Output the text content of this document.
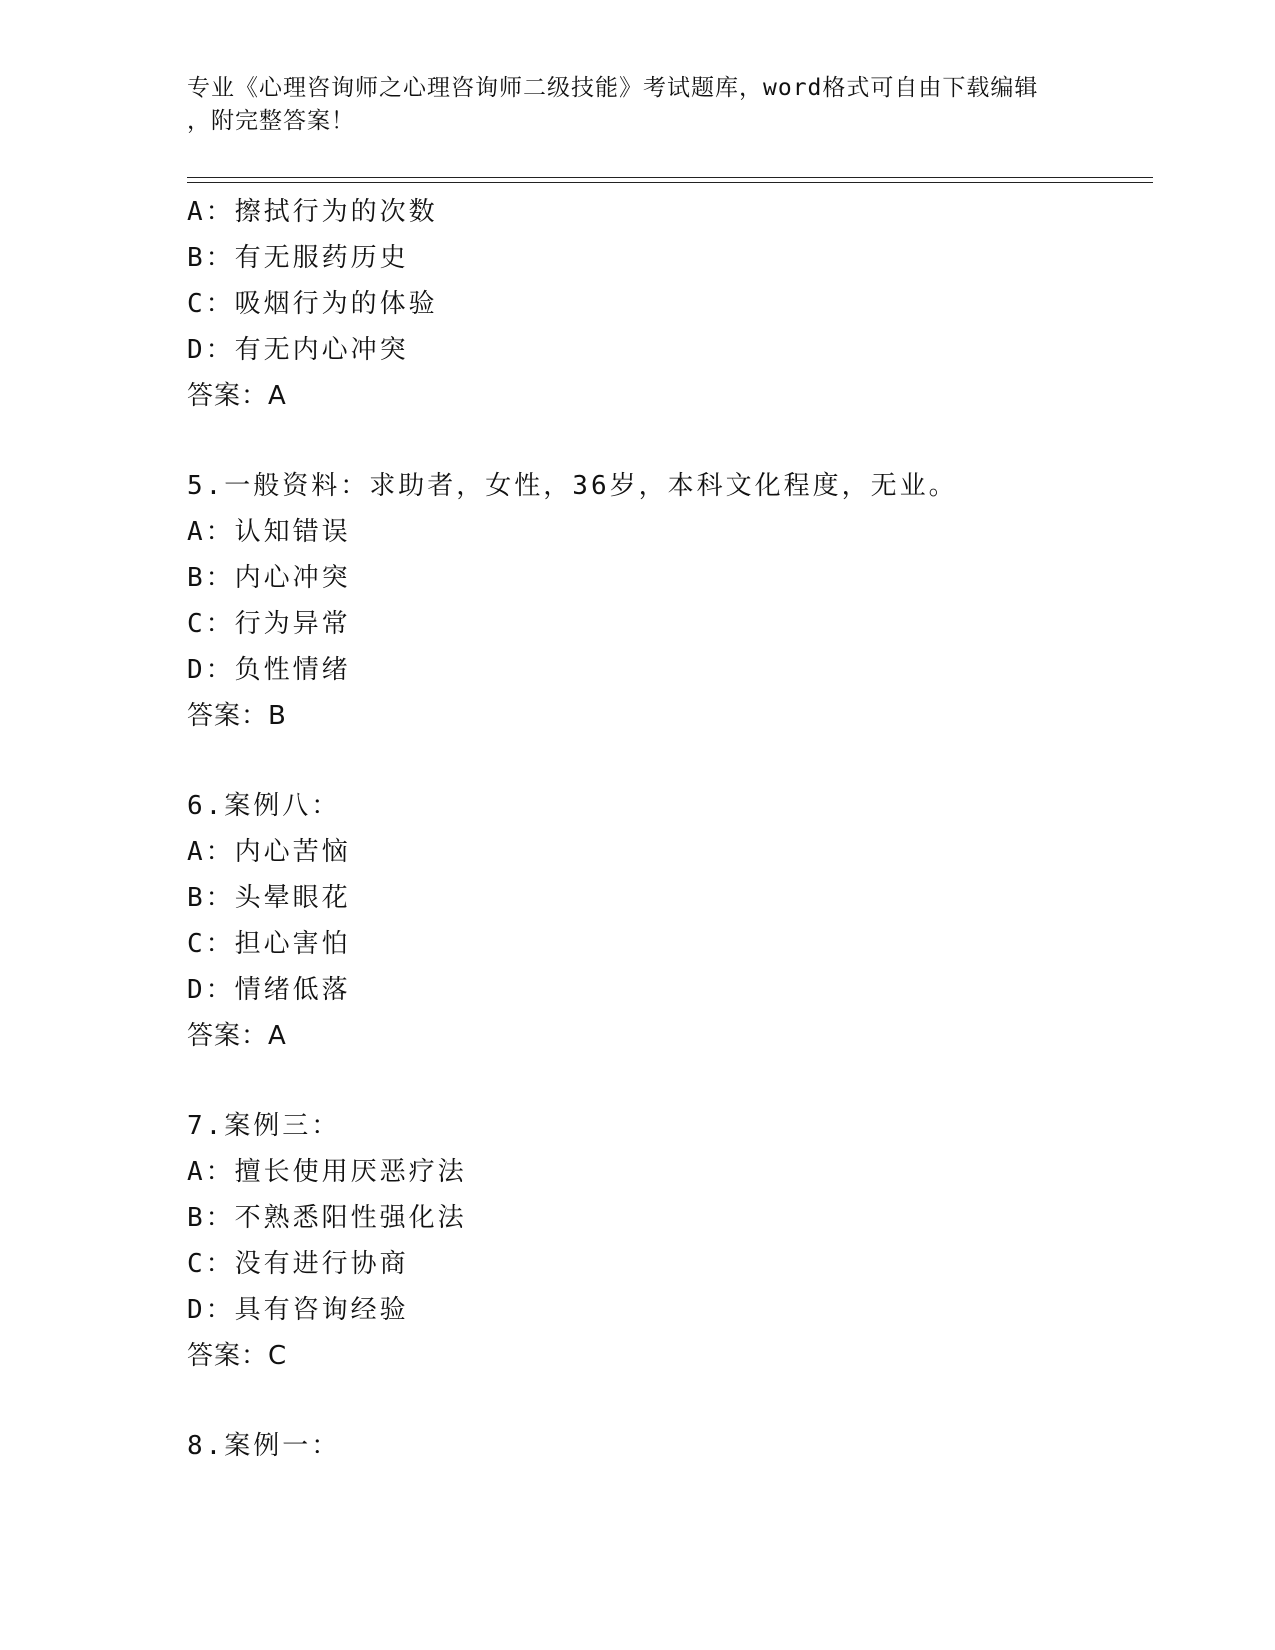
专业《心理咨询师之心理咨询师二级技能》考试题库，word格式可自由下载编辑
，附完整答案！
A：擦拭行为的次数
B：有无服药历史
C：吸烟行为的体验
D：有无内心冲突
答案：A
5.一般资料：求助者，女性，36岁，本科文化程度，无业。
A：认知错误
B：内心冲突
C：行为异常
D：负性情绪
答案：B
6.案例八：
A：内心苦恼
B：头晕眼花
C：担心害怕
D：情绪低落
答案：A
7.案例三：
A：擅长使用厌恶疗法
B：不熟悉阳性强化法
C：没有进行协商
D：具有咨询经验
答案：C
8.案例一：
